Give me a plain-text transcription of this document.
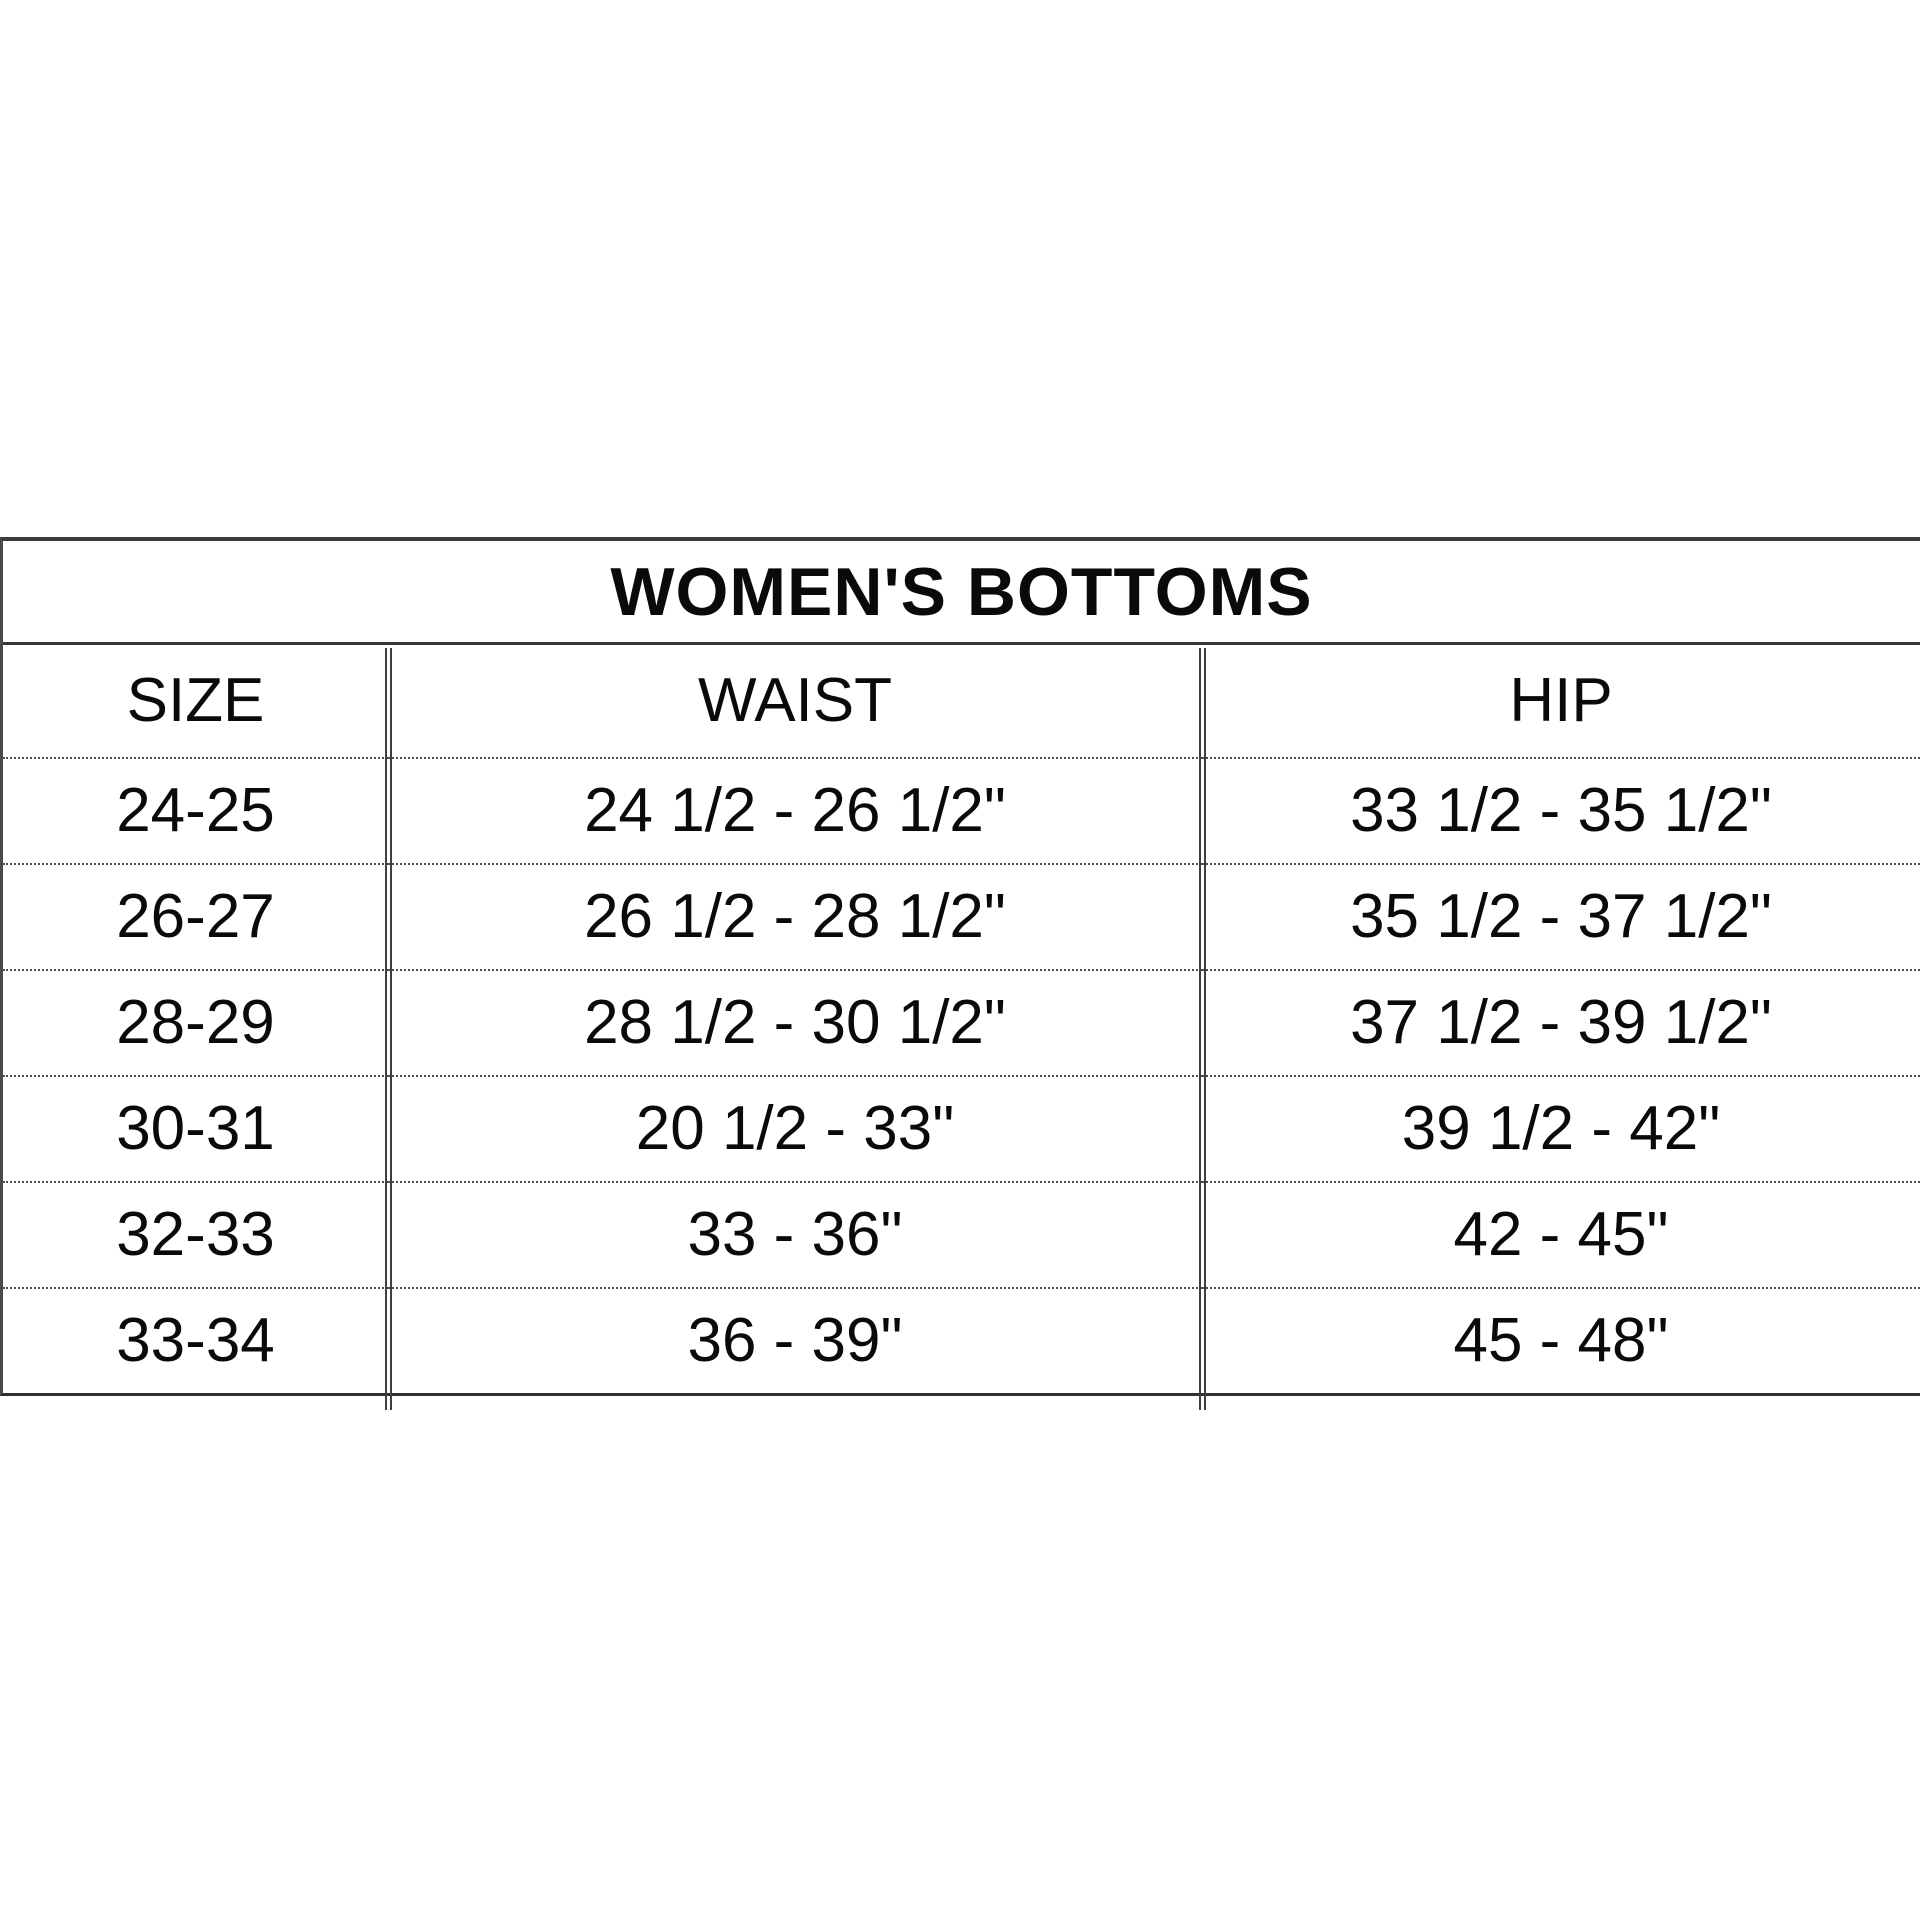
WOMEN'S BOTTOMS
SIZE	WAIST	HIP
24-25	24 1/2 - 26 1/2"	33 1/2 - 35 1/2"
26-27	26 1/2 - 28 1/2"	35 1/2 - 37 1/2"
28-29	28 1/2 - 30 1/2"	37 1/2 - 39 1/2"
30-31	20 1/2 - 33"	39 1/2 - 42"
32-33	33 - 36"	42 - 45"
33-34	36 - 39"	45 - 48"
